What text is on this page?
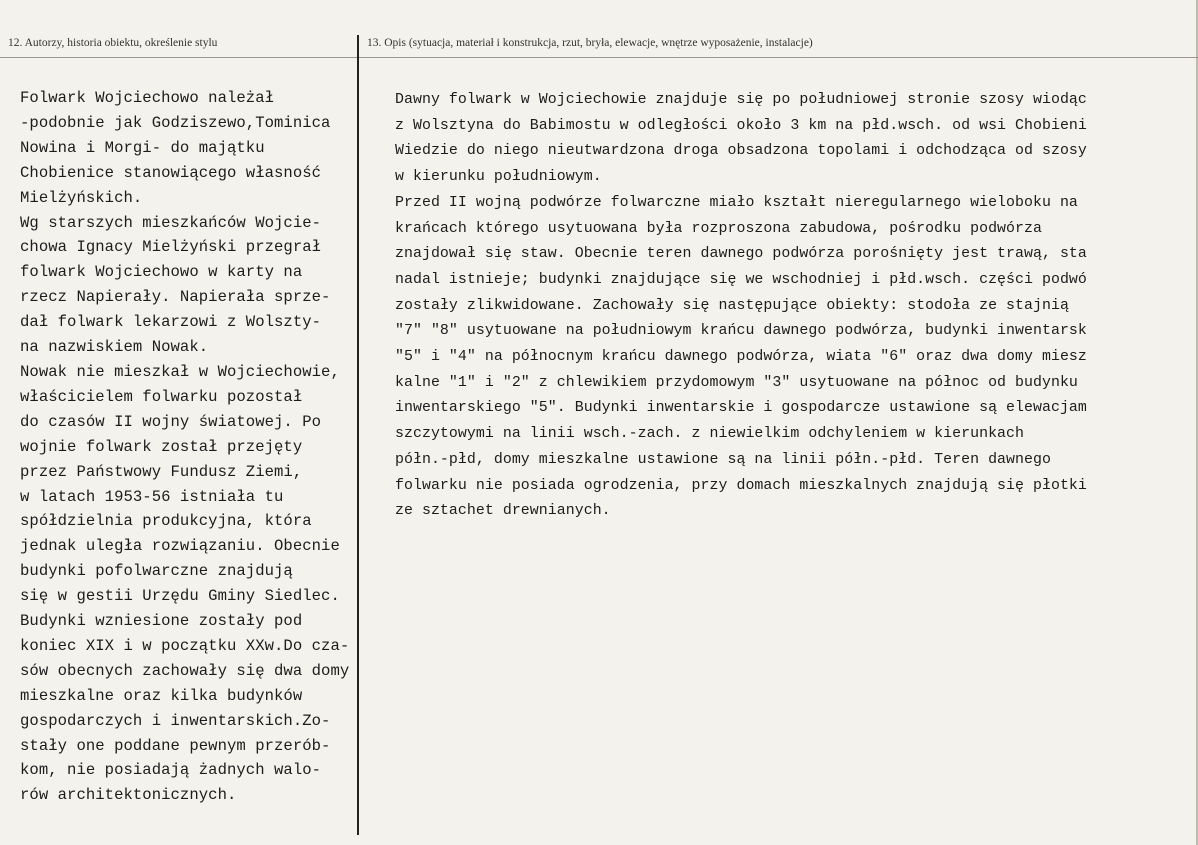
12. Autorzy, historia obiektu, określenie stylu	13. Opis (sytuacja, materiał i konstrukcja, rzut, bryła, elewacje, wnętrze wyposażenie, instalacje)
Folwark Wojciechowo należał
-podobnie jak Godziszewo,Tominica
Nowina i Morgi- do majątku
Chobienice stanowiącego własność
Mielżyńskich.
Wg starszych mieszkańców Wojcie-
chowa Ignacy Mielżyński przegrał
folwark Wojciechowo w karty na
rzecz Napierały. Napierała sprze-
dał folwark lekarzowi z Wolszty-
na nazwiskiem Nowak.
Nowak nie mieszkał w Wojciechowie,
właścicielem folwarku pozostał
do czasów II wojny światowej. Po
wojnie folwark został przejęty
przez Państwowy Fundusz Ziemi,
w latach 1953-56 istniała tu
spółdzielnia produkcyjna, która
jednak uległa rozwiązaniu. Obecnie
budynki pofolwarczne znajdują
się w gestii Urzędu Gminy Siedlec.
Budynki wzniesione zostały pod
koniec XIX i w początku XXw.Do cza-
sów obecnych zachowały się dwa domy
mieszkalne oraz kilka budynków
gospodarczych i inwentarskich.Zo-
stały one poddane pewnym przerób-
kom, nie posiadają żadnych walo-
rów architektonicznych.
Dawny folwark w Wojciechowie znajduje się po południowej stronie szosy wiodąc
z Wolsztyna do Babimostu w odległości około 3 km na płd.wsch. od wsi Chobieni
Wiedzie do niego nieutwardzona droga obsadzona topolami i odchodząca od szosy
w kierunku południowym.
Przed II wojną podwórze folwarczne miało kształt nieregularnego wieloboku na
krańcach którego usytuowana była rozproszona zabudowa, pośrodku podwórza
znajdował się staw. Obecnie teren dawnego podwórza porośnięty jest trawą, sta
nadal istnieje; budynki znajdujące się we wschodniej i płd.wsch. części podwó
zostały zlikwidowane. Zachowały się następujące obiekty: stodoła ze stajnią
"7" "8" usytuowane na południowym krańcu dawnego podwórza, budynki inwentarsk
"5" i "4" na północnym krańcu dawnego podwórza, wiata "6" oraz dwa domy miesz
kalne "1" i "2" z chlewikiem przydomowym "3" usytuowane na północ od budynku
inwentarskiego "5". Budynki inwentarskie i gospodarcze ustawione są elewacjam
szczytowymi na linii wsch.-zach. z niewielkim odchyleniem w kierunkach
półn.-płd, domy mieszkalne ustawione są na linii półn.-płd. Teren dawnego
folwarku nie posiada ogrodzenia, przy domach mieszkalnych znajdują się płotki
ze sztachet drewnianych.
